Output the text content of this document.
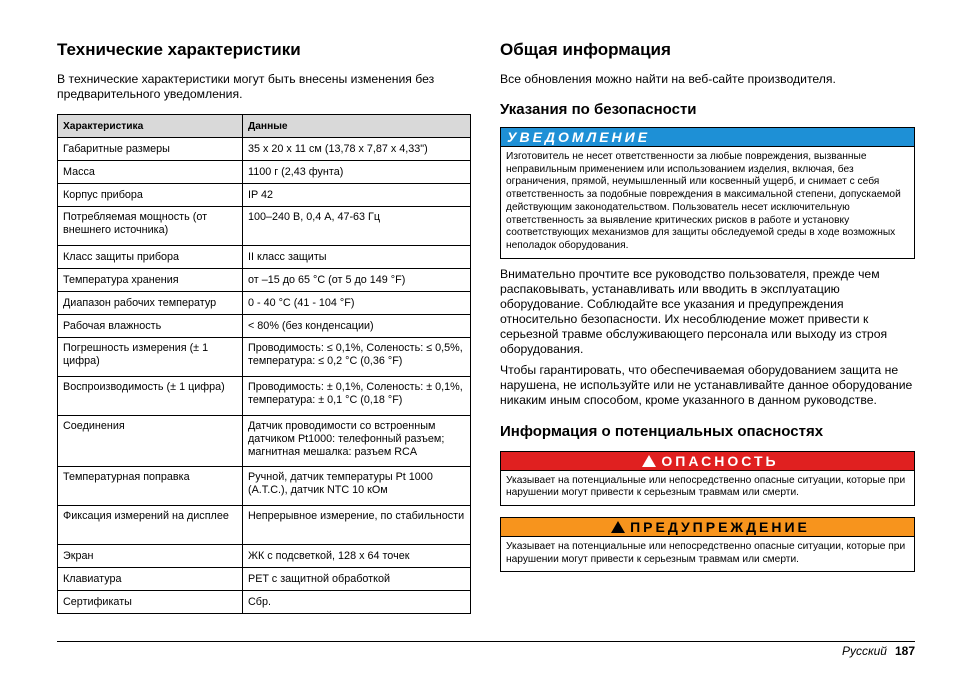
Технические характеристики

В технические характеристики могут быть внесены изменения без предварительного уведомления.

Характеристика	Данные
Габаритные размеры	35 x 20 x 11 см (13,78 x 7,87 x 4,33")
Масса	1100 г (2,43 фунта)
Корпус прибора	IP 42
Потребляемая мощность (от внешнего источника)	100–240 В, 0,4 А, 47-63 Гц
Класс защиты прибора	II класс защиты
Температура хранения	от –15 до 65 °C (от 5 до 149 °F)
Диапазон рабочих температур	0 - 40 °C (41 - 104 °F)
Рабочая влажность	< 80% (без конденсации)
Погрешность измерения (± 1 цифра)	Проводимость: ≤ 0,1%, Соленость: ≤ 0,5%, температура: ≤ 0,2 °C (0,36 °F)
Воспроизводимость (± 1 цифра)	Проводимость: ± 0,1%, Соленость: ± 0,1%, температура: ± 0,1 °C (0,18 °F)
Соединения	Датчик проводимости со встроенным датчиком Pt1000: телефонный разъем; магнитная мешалка: разъем RCA
Температурная поправка	Ручной, датчик температуры Pt 1000 (A.T.C.), датчик NTC 10 кОм
Фиксация измерений на дисплее	Непрерывное измерение, по стабильности
Экран	ЖК с подсветкой, 128 x 64 точек
Клавиатура	PET с защитной обработкой
Сертификаты	Сбр.
Общая информация

Все обновления можно найти на веб-сайте производителя.

Указания по безопасности
УВЕДОМЛЕНИЕ
Изготовитель не несет ответственности за любые повреждения, вызванные неправильным применением или использованием изделия, включая, без ограничения, прямой, неумышленный или косвенный ущерб, и снимает с себя ответственность за подобные повреждения в максимальной степени, допускаемой действующим законодательством. Пользователь несет исключительную ответственность за выявление критических рисков в работе и установку соответствующих механизмов для защиты обследуемой среды в ходе возможных неполадок оборудования.

Внимательно прочтите все руководство пользователя, прежде чем распаковывать, устанавливать или вводить в эксплуатацию оборудование. Соблюдайте все указания и предупреждения относительно безопасности. Их несоблюдение может привести к серьезной травме обслуживающего персонала или выходу из строя оборудования.

Чтобы гарантировать, что обеспечиваемая оборудованием защита не нарушена, не используйте или не устанавливайте данное оборудование никаким иным способом, кроме указанного в данном руководстве.

Информация о потенциальных опасностях
ОПАСНОСТЬ
Указывает на потенциальные или непосредственно опасные ситуации, которые при нарушении могут привести к серьезным травмам или смерти.
ПРЕДУПРЕЖДЕНИЕ
Указывает на потенциальные или непосредственно опасные ситуации, которые при нарушении могут привести к серьезным травмам или смерти.
Русский 187
